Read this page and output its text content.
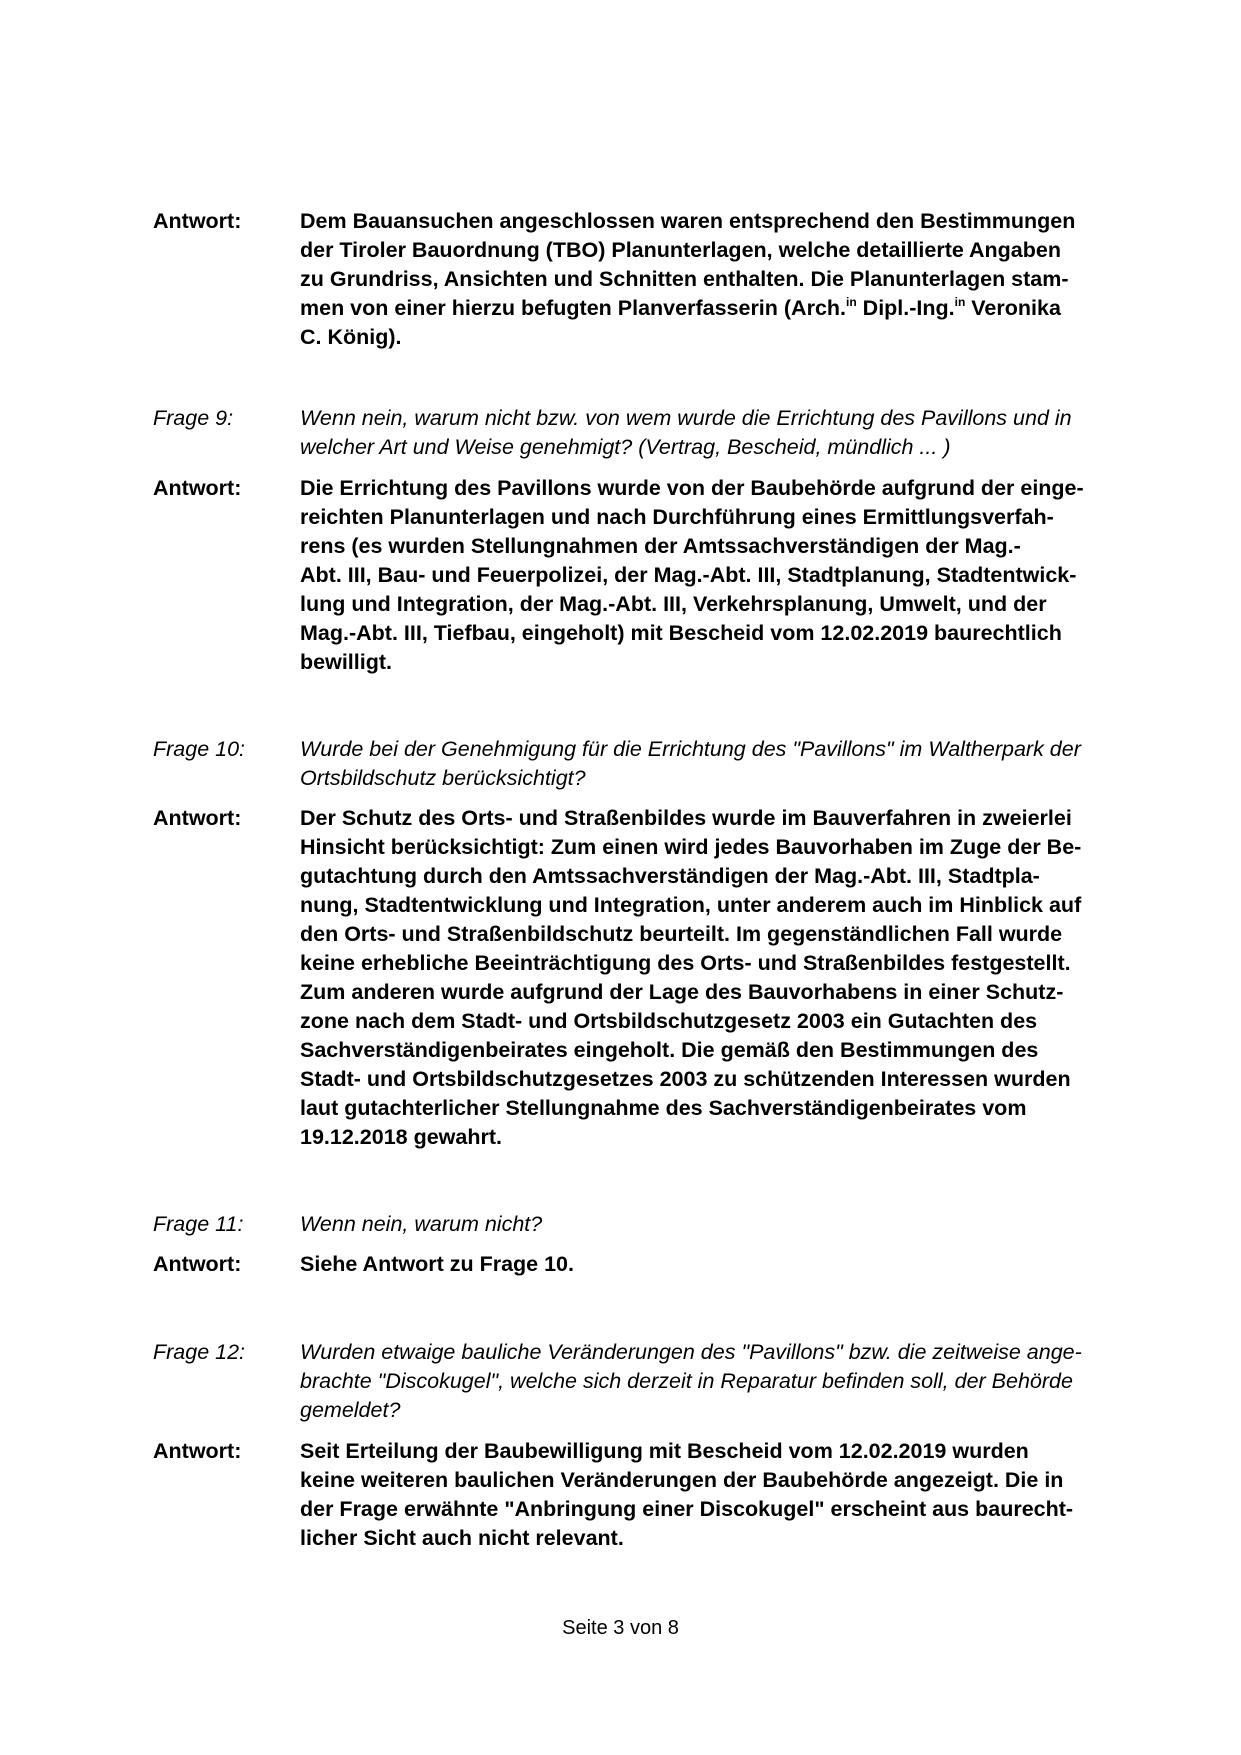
Antwort:	Dem Bauansuchen angeschlossen waren entsprechend den Bestimmungen
der Tiroler Bauordnung (TBO) Planunterlagen, welche detaillierte Angaben
zu Grundriss, Ansichten und Schnitten enthalten. Die Planunterlagen stam-
men von einer hierzu befugten Planverfasserin (Arch.$^{in}$ Dipl.-Ing.$^{in}$ Veronika
C. König).
Frage 9:	Wenn nein, warum nicht bzw. von wem wurde die Errichtung des Pavillons und in
welcher Art und Weise genehmigt? (Vertrag, Bescheid, mündlich ... )
Antwort:	Die Errichtung des Pavillons wurde von der Baubehörde aufgrund der einge-
reichten Planunterlagen und nach Durchführung eines Ermittlungsverfah-
rens (es wurden Stellungnahmen der Amtssachverständigen der Mag.-
Abt. III, Bau- und Feuerpolizei, der Mag.-Abt. III, Stadtplanung, Stadtentwick-
lung und Integration, der Mag.-Abt. III, Verkehrsplanung, Umwelt, und der
Mag.-Abt. III, Tiefbau, eingeholt) mit Bescheid vom 12.02.2019 baurechtlich
bewilligt.
Frage 10:	Wurde bei der Genehmigung für die Errichtung des "Pavillons" im Waltherpark der
Ortsbildschutz berücksichtigt?
Antwort:	Der Schutz des Orts- und Straßenbildes wurde im Bauverfahren in zweierlei
Hinsicht berücksichtigt: Zum einen wird jedes Bauvorhaben im Zuge der Be-
gutachtung durch den Amtssachverständigen der Mag.-Abt. III, Stadtpla-
nung, Stadtentwicklung und Integration, unter anderem auch im Hinblick auf
den Orts- und Straßenbildschutz beurteilt. Im gegenständlichen Fall wurde
keine erhebliche Beeinträchtigung des Orts- und Straßenbildes festgestellt.
Zum anderen wurde aufgrund der Lage des Bauvorhabens in einer Schutz-
zone nach dem Stadt- und Ortsbildschutzgesetz 2003 ein Gutachten des
Sachverständigenbeirates eingeholt. Die gemäß den Bestimmungen des
Stadt- und Ortsbildschutzgesetzes 2003 zu schützenden Interessen wurden
laut gutachterlicher Stellungnahme des Sachverständigenbeirates vom
19.12.2018 gewahrt.
Frage 11:	Wenn nein, warum nicht?
Antwort:	Siehe Antwort zu Frage 10.
Frage 12:	Wurden etwaige bauliche Veränderungen des "Pavillons" bzw. die zeitweise ange-
brachte "Discokugel", welche sich derzeit in Reparatur befinden soll, der Behörde
gemeldet?
Antwort:	Seit Erteilung der Baubewilligung mit Bescheid vom 12.02.2019 wurden
keine weiteren baulichen Veränderungen der Baubehörde angezeigt. Die in
der Frage erwähnte "Anbringung einer Discokugel" erscheint aus baurecht-
licher Sicht auch nicht relevant.
Seite 3 von 8
